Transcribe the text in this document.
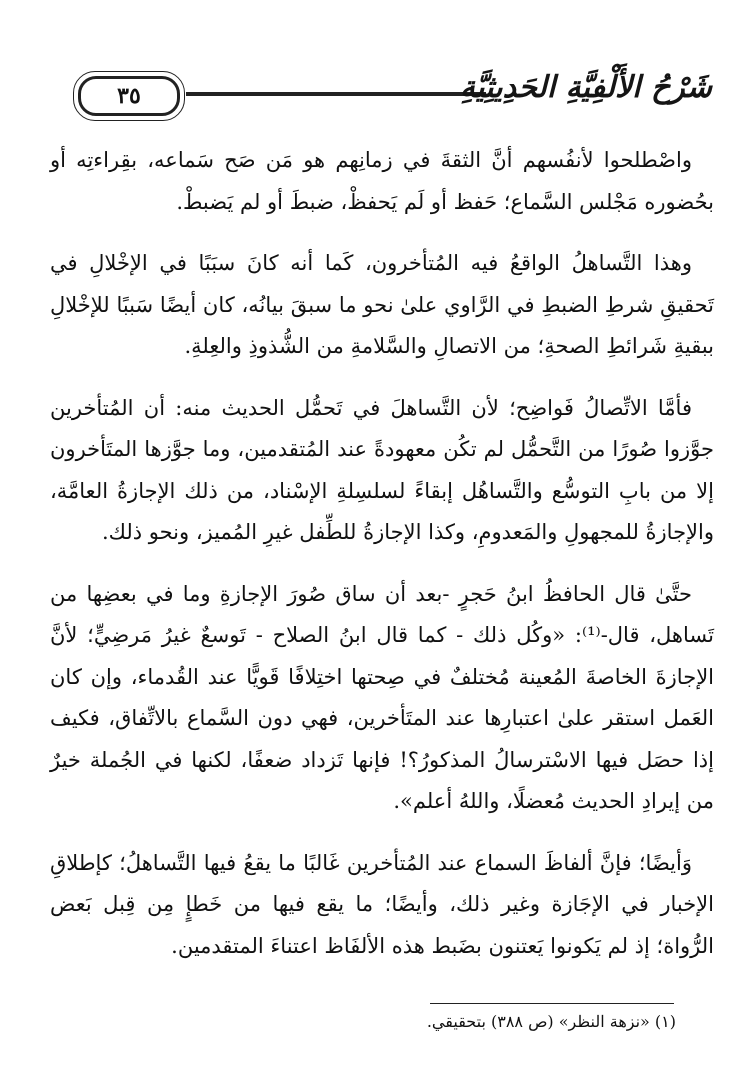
٣٥	شَرْحُ الأَلْفِيَّةِ الحَدِيثِيَّةِ

واصْطلحوا لأنفُسهم أنَّ الثقةَ في زمانِهم هو مَن صَح سَماعه، بقِراءتِه أو بحُضوره مَجْلس السَّماع؛ حَفظ أو لَم يَحفظْ، ضبطَ أو لم يَضبطْ.

وهذا التَّساهلُ الواقعُ فيه المُتأخرون، كَما أنه كانَ سبَبًا في الإخْلالِ في تَحقيقِ شرطِ الضبطِ في الرَّاوي علىٰ نحو ما سبقَ بيانُه، كان أيضًا سَببًا للإخْلالِ ببقيةِ شَرائطِ الصحةِ؛ من الاتصالِ والسَّلامةِ من الشُّذوذِ والعِلةِ.

فأمَّا الاتِّصالُ فَواضِح؛ لأن التَّساهلَ في تَحمُّل الحديث منه: أن المُتأخرين جوَّزوا صُورًا من التَّحمُّل لم تكُن معهودةً عند المُتقدمين، وما جوَّزها المتَأخرون إلا من بابِ التوسُّع والتَّساهُل إبقاءً لسلسِلةِ الإسْناد، من ذلك الإجازةُ العامَّة، والإجازةُ للمجهولِ والمَعدومِ، وكذا الإجازةُ للطِّفل غيرِ المُميز، ونحو ذلك.

حتَّىٰ قال الحافظُ ابنُ حَجرٍ -بعد أن ساق صُورَ الإجازةِ وما في بعضِها من تَساهل، قال-⁽¹⁾: «وكُل ذلك - كما قال ابنُ الصلاح - تَوسعٌ غيرُ مَرضِيٍّ؛ لأنَّ الإجازةَ الخاصةَ المُعينة مُختلفٌ في صِحتها اختِلافًا قَويًّا عند القُدماء، وإن كان العَمل استقر علىٰ اعتبارِها عند المتَأخرين، فهي دون السَّماع بالاتِّفاق، فكيف إذا حصَل فيها الاسْترسالُ المذكورُ؟! فإنها تَزداد ضعفًا، لكنها في الجُملة خيرٌ من إيرادِ الحديث مُعضلًا، واللهُ أعلم».

وَأيضًا؛ فإنَّ ألفاظَ السماع عند المُتأخرين غَالبًا ما يقعُ فيها التَّساهلُ؛ كإطلاقِ الإخبار في الإجَازة وغير ذلك، وأيضًا؛ ما يقع فيها من خَطإٍ مِن قِبل بَعض الرُّواة؛ إذ لم يَكونوا يَعتنون بضَبط هذه الألفَاظ اعتناءَ المتقدمين.

(١) «نزهة النظر» (ص ٣٨٨) بتحقيقي.
